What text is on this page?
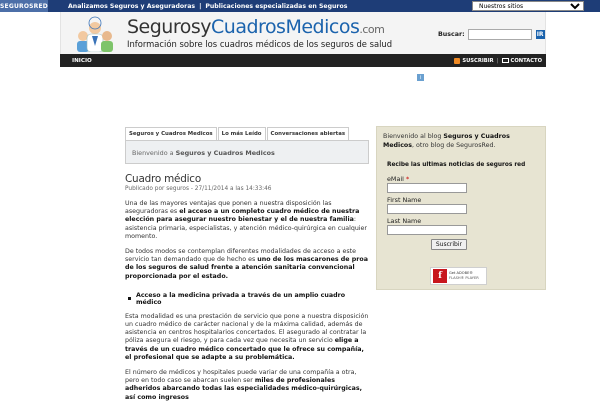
SEGUROSRED	Analizamos Seguros y Aseguradoras | Publicaciones especializadas en Seguros
Nuestros sitios
SegurosyCuadrosMedicos.com
Información sobre los cuadros médicos de los seguros de salud
Buscar:	IR
INICIO	SUSCRIBIR | CONTACTO
i
Seguros y Cuadros Medicos	Lo más Leído	Conversaciones abiertas
Bienvenido a Seguros y Cuadros Medicos
Cuadro médico
Publicado por seguros - 27/11/2014 a las 14:33:46

Una de las mayores ventajas que ponen a nuestra disposición las aseguradoras es el acceso a un completo cuadro médico de nuestra elección para asegurar nuestro bienestar y el de nuestra familia: asistencia primaria, especialistas, y atención médico-quirúrgica en cualquier momento.

De todos modos se contemplan diferentes modalidades de acceso a este servicio tan demandado que de hecho es uno de los mascarones de proa de los seguros de salud frente a atención sanitaria convencional proporcionada por el estado.

Acceso a la medicina privada a través de un amplio cuadro médico

Esta modalidad es una prestación de servicio que pone a nuestra disposición un cuadro médico de carácter nacional y de la máxima calidad, además de asistencia en centros hospitalarios concertados. El asegurado al contratar la póliza asegura el riesgo, y para cada vez que necesita un servicio elige a través de un cuadro médico concertado que le ofrece su compañía, el profesional que se adapte a su problemática.

El número de médicos y hospitales puede variar de una compañía a otra, pero en todo caso se abarcan suelen ser miles de profesionales adheridos abarcando todas las especialidades médico-quirúrgicas, así como ingresos

Bienvenido al blog Seguros y Cuadros Medicos, otro blog de SegurosRed.
Recibe las ultimas noticias de seguros red
eMail *
First Name
Last Name
Suscribir
f	Get ADOBE®
FLASH® PLAYER
